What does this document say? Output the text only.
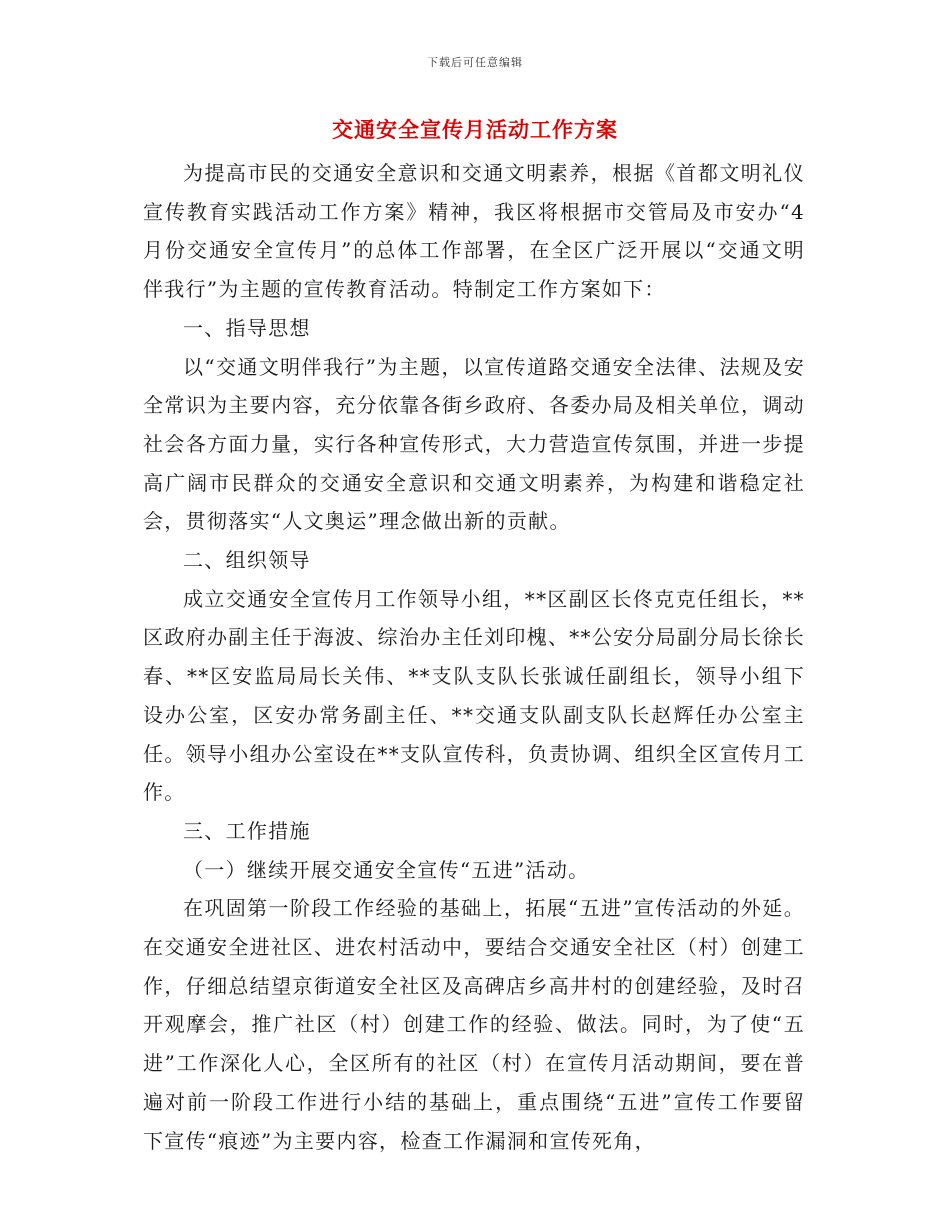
下载后可任意编辑
交通安全宣传月活动工作方案

为提高市民的交通安全意识和交通文明素养，根据《首都文明礼仪宣传教育实践活动工作方案》精神，我区将根据市交管局及市安办“4月份交通安全宣传月”的总体工作部署，在全区广泛开展以“交通文明伴我行”为主题的宣传教育活动。特制定工作方案如下：

一、指导思想

以“交通文明伴我行”为主题，以宣传道路交通安全法律、法规及安全常识为主要内容，充分依靠各街乡政府、各委办局及相关单位，调动社会各方面力量，实行各种宣传形式，大力营造宣传氛围，并进一步提高广阔市民群众的交通安全意识和交通文明素养，为构建和谐稳定社会，贯彻落实“人文奥运”理念做出新的贡献。

二、组织领导

成立交通安全宣传月工作领导小组，**区副区长佟克克任组长，**区政府办副主任于海波、综治办主任刘印槐、**公安分局副分局长徐长春、**区安监局局长关伟、**支队支队长张诚任副组长，领导小组下设办公室，区安办常务副主任、**交通支队副支队长赵辉任办公室主任。领导小组办公室设在**支队宣传科，负责协调、组织全区宣传月工作。

三、工作措施

（一）继续开展交通安全宣传“五进”活动。

在巩固第一阶段工作经验的基础上，拓展“五进”宣传活动的外延。在交通安全进社区、进农村活动中，要结合交通安全社区（村）创建工作，仔细总结望京街道安全社区及高碑店乡高井村的创建经验，及时召开观摩会，推广社区（村）创建工作的经验、做法。同时，为了使“五进”工作深化人心，全区所有的社区（村）在宣传月活动期间，要在普遍对前一阶段工作进行小结的基础上，重点围绕“五进”宣传工作要留下宣传“痕迹”为主要内容，检查工作漏洞和宣传死角，
